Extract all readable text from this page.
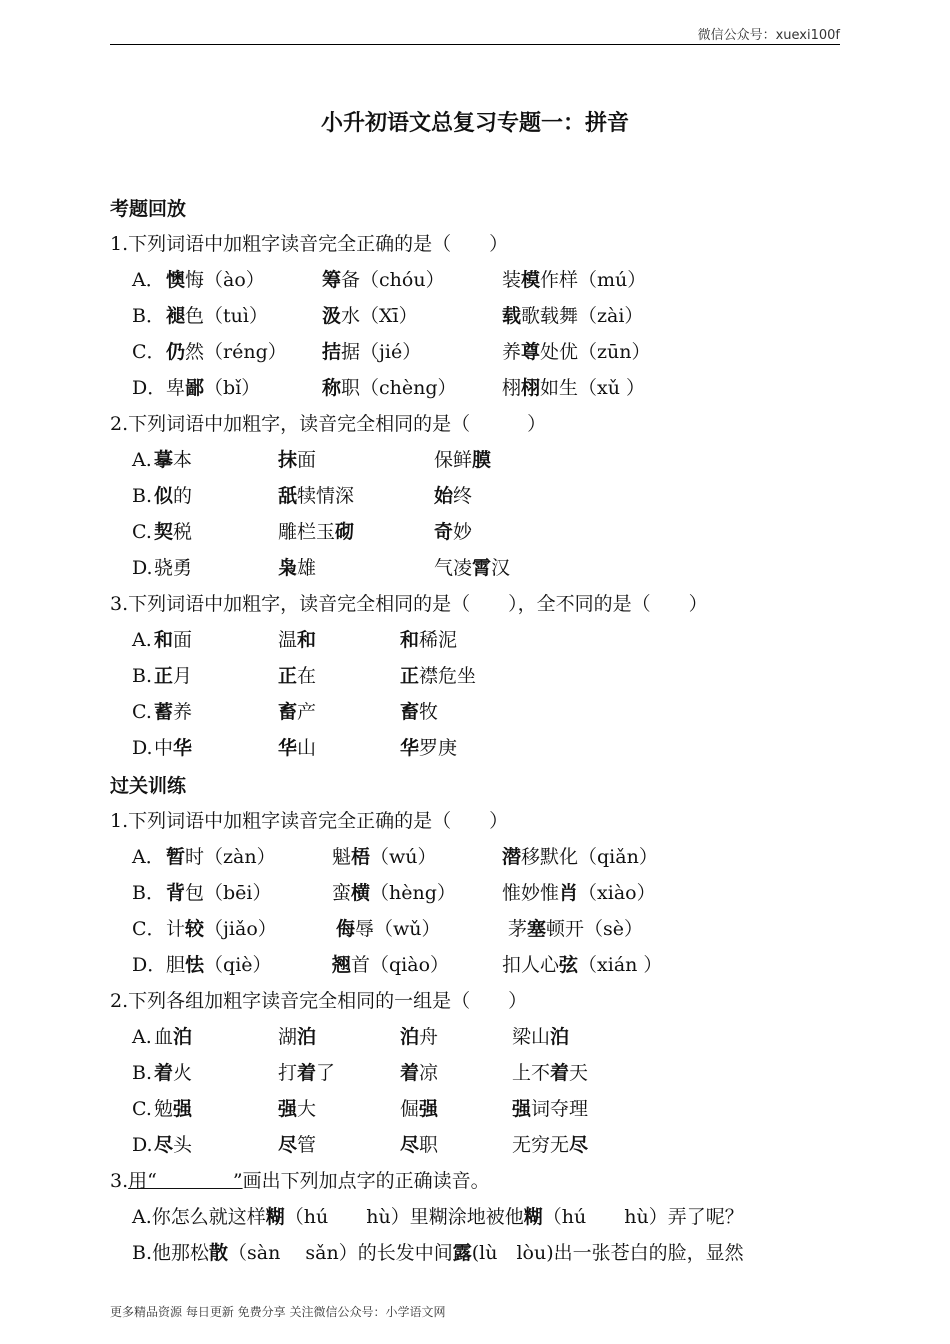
微信公众号：xuexi100f
小升初语文总复习专题一：拼音
考题回放
1.下列词语中加粗字读音完全正确的是（　　）
A． 懊悔（ào）	筹备（chóu）	装模作样（mú）
B． 褪色（tuì）	汲水（Xī）	载歌载舞（zài）
C． 仍然（réng） 拮据（jié）	养尊处优（zūn）
D． 卑鄙（bǐ）	称职（chèng） 栩栩如生（xǔ ）
2.下列词语中加粗字，读音完全相同的是（　　　）
A. 摹本	抹面	保鲜膜
B. 似的	舐犊情深	始终
C. 契税	雕栏玉砌	奇妙
D. 骁勇	枭雄	气凌霄汉
3.下列词语中加粗字，读音完全相同的是（　　），全不同的是（　　）
A. 和面	温和	和稀泥
B. 正月	正在	正襟危坐
C. 蓄养	畜产	畜牧
D. 中华	华山	华罗庚
过关训练
1.下列词语中加粗字读音完全正确的是（　　）
A． 暂时（zàn）	魁梧（wú）	潜移默化（qiǎn）
B． 背包（bēi）	蛮横（hèng） 惟妙惟肖（xiào）
C． 计较（jiǎo）	侮辱（wǔ）	茅塞顿开（sè）
D． 胆怯（qiè）	翘首（qiào）	扣人心弦（xián ）
2.下列各组加粗字读音完全相同的一组是（　　）
A. 血泊	湖泊	泊舟	梁山泊
B. 着火	打着了	着凉	上不着天
C. 勉强	强大	倔强	强词夺理
D. 尽头	尽管	尽职	无穷无尽
3.用“　　　　”画出下列加点字的正确读音。
A.你怎么就这样糊（hú　　hù）里糊涂地被他糊（hú　　hù）弄了呢？
B.他那松散（sàn　 sǎn）的长发中间露(lù　lòu)出一张苍白的脸，显然
更多精品资源 每日更新 免费分享 关注微信公众号：小学语文网
